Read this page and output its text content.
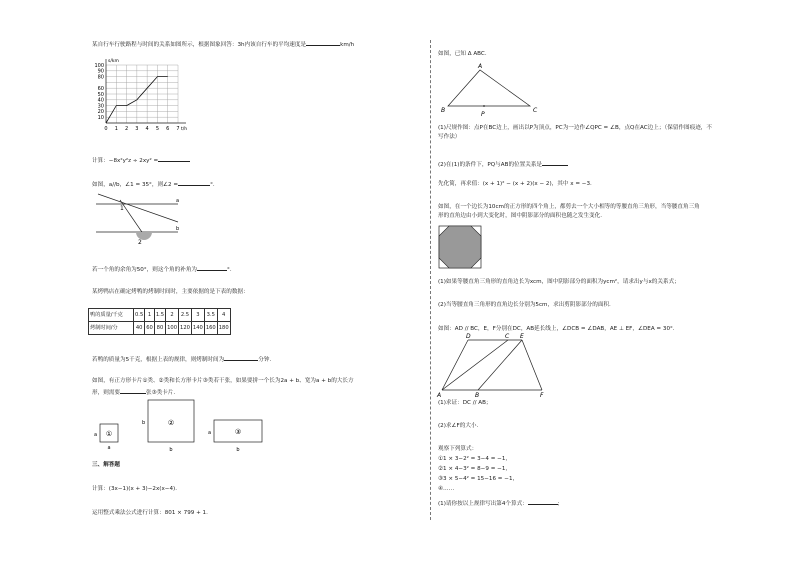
某自行车行驶路程与时间的关系如图所示，根据图象回答：3h内该自行车的平均速度是	km/h
0 1 2 3 4 5 6 7
10
20
30
40
50
60
80
90
100
t/h
s/km
计算：−8x²y²z ÷ 2xy² =
如图，a//b，∠1 = 35°，则∠2 =	°.
1
2
a
b
若一个角的余角为50°，则这个角的补角为	°.
某烤鸭店在确定烤鸭的烤制时间时，主要依据的是下表的数据：
鸭的质量/千克	0.5	1	1.5	2	2.5	3	3.5	4
烤制时间/分	40	60	80	100	120	140	160	180
若鸭的质量为5千克，根据上表的规律，则烤制时间为	分钟.
如图，有正方形卡片①类、②类和长方形卡片③类若干张，如果要拼一个长为2a + b、宽为a + b的大长方
形，则需要	张③类卡片.
①
a
a
②
b
b
③
a
b
三、解答题
计算：(3x−1)(x + 3)−2x(x−4).
运用整式乘法公式进行计算：801 × 799 + 1.
如图，已知 Δ ABC.
A
B	C
P
(1)尺规作图：点P在BC边上，画出以P为顶点，PC为一边作∠QPC = ∠B，点Q在AC边上；（保留作图痕迹，不
写作法）
(2)在(1)的条件下，PQ与AB的位置关系是
先化简，再求值：(x + 1)² − (x + 2)(x − 2)，其中 x = −3.
如图，在一个边长为10cm的正方形的四个角上，都剪去一个大小相等的等腰直角三角形，当等腰直角三角
形的直角边由小到大变化时，图中阴影部分的面积也随之发生变化.
(1)如果等腰直角三角形的直角边长为xcm，图中阴影部分的面积为ycm²，请求出y与x的关系式；
(2)当等腰直角三角形的直角边长分别为5cm，求出剪阴影部分的面积.
如图：AD // BC，E，F分别在DC，AB延长线上，∠DCB = ∠DAB，AE ⊥ EF，∠DEA = 30°.
D	C E
A	B	F
(1)求证：DC // AB；
(2)求∠F的大小.
观察下列算式：
①1 × 3−2² = 3−4 = −1，
②1 × 4−3² = 8−9 = −1，
③3 × 5−4² = 15−16 = −1，
④……
(1)请你按以上规律写出第4个算式：	;
